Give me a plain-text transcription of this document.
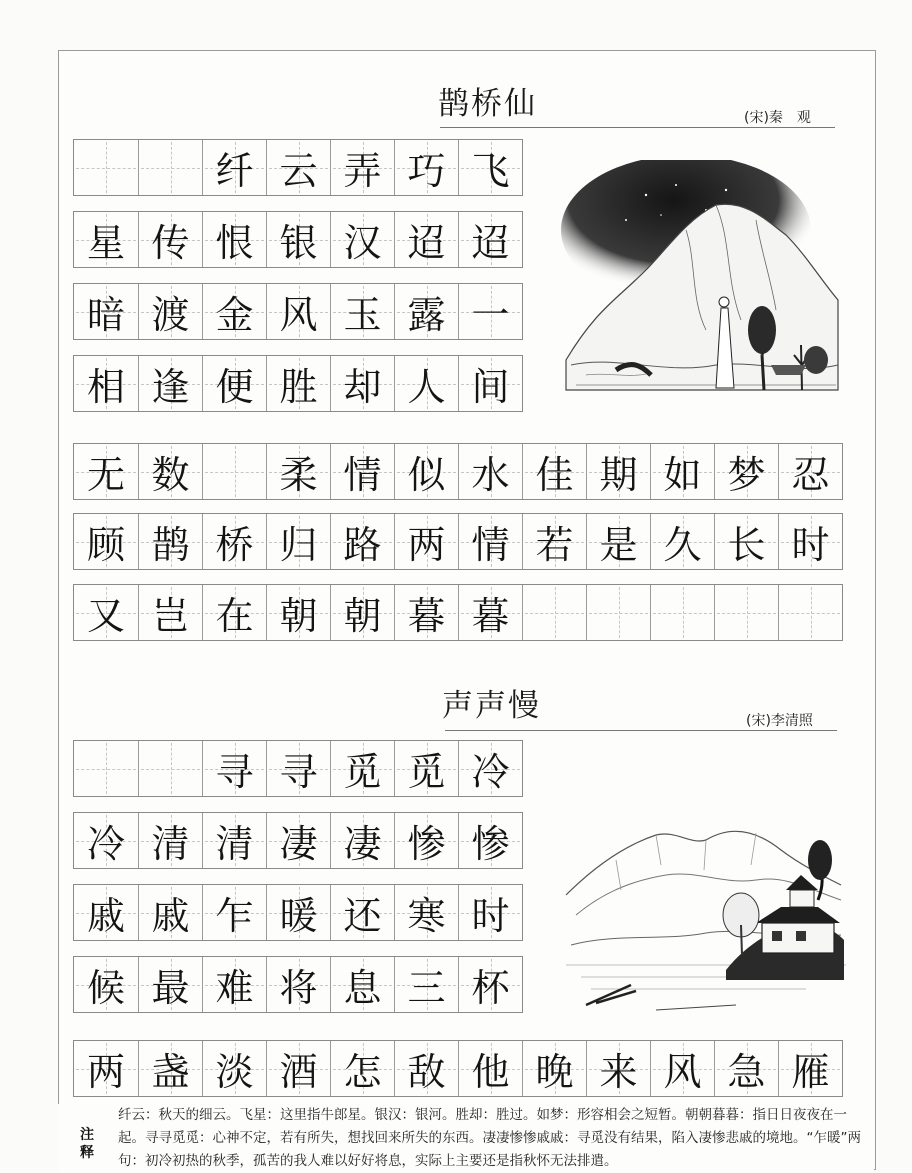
鹊桥仙	(宋)秦　观
纤 云 弄 巧 飞
星 传 恨 银 汉 迢 迢
暗 渡 金 风 玉 露 一
相 逢 便 胜 却 人 间
无 数 柔 情 似 水 佳 期 如 梦 忍
顾 鹊 桥 归 路 两 情 若 是 久 长 时
又 岂 在 朝 朝 暮 暮
声声慢	(宋)李清照
寻 寻 觅 觅 冷
冷 清 清 凄 凄 惨 惨
戚 戚 乍 暖 还 寒 时
候 最 难 将 息 三 杯
两 盏 淡 酒 怎 敌 他 晚 来 风 急 雁
注释
纤云：秋天的细云。飞星：这里指牛郎星。银汉：银河。胜却：胜过。如梦：形容相会之短暂。朝朝暮暮：指日日夜夜在一起。寻寻觅觅：心神不定，若有所失，想找回来所失的东西。凄凄惨惨戚戚：寻觅没有结果，陷入凄惨悲戚的境地。“乍暖”两句：初冷初热的秋季，孤苦的我人难以好好将息，实际上主要还是指秋怀无法排遣。
